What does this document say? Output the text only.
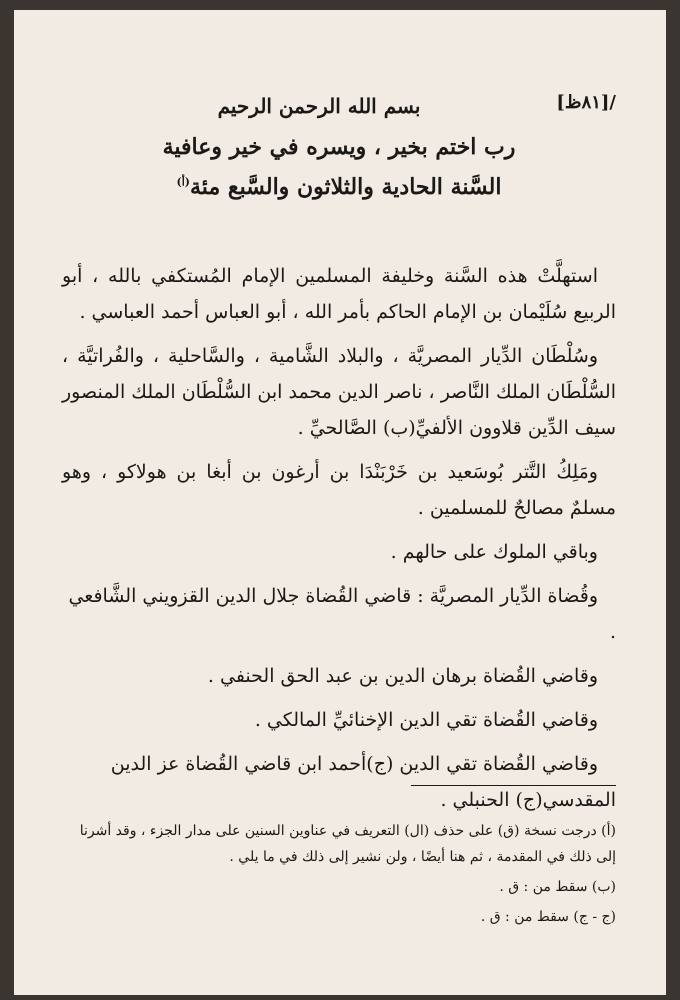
/[٨١ظ]

بسم الله الرحمن الرحيم

رب اختم بخير ، ويسره في خير وعافية

السَّنة الحادية والثلاثون والسَّبع مئة$^{(أ)}$

استهلَّتْ هذه السَّنة وخليفة المسلمين الإمام المُستكفي بالله ، أبو الربيع سُلَيْمان بن الإمام الحاكم بأمر الله ، أبو العباس أحمد العباسي .

وسُلْطَان الدِّيار المصريَّة ، والبلاد الشَّامية ، والسَّاحلية ، والفُراتيَّة ، السُّلْطَان الملك النَّاصر ، ناصر الدين محمد ابن السُّلْطَان الملك المنصور سيف الدِّين قلاوون الألفيِّ(ب) الصَّالحيِّ .

ومَلِكُ التَّتر بُوسَعيد بن خَرْبَنْدَا بن أرغون بن أبغا بن هولاكو ، وهو مسلمٌ مصالحٌ للمسلمين .

وباقي الملوك على حالهم .

وقُضاة الدِّيار المصريَّة : قاضي القُضاة جلال الدين القزويني الشَّافعي .

وقاضي القُضاة برهان الدين بن عبد الحق الحنفي .

وقاضي القُضاة تقي الدين الإخنائيِّ المالكي .

وقاضي القُضاة تقي الدين (ج)أحمد ابن قاضي القُضاة عز الدين المقدسي(ج) الحنبلي .

(أ) درجت نسخة (ق) على حذف (ال) التعريف في عناوين السنين على مدار الجزء ، وقد أشرنا إلى ذلك في المقدمة ، ثم هنا أيضًا ، ولن نشير إلى ذلك في ما يلي .

(ب) سقط من : ق .

(ج - ج) سقط من : ق .
